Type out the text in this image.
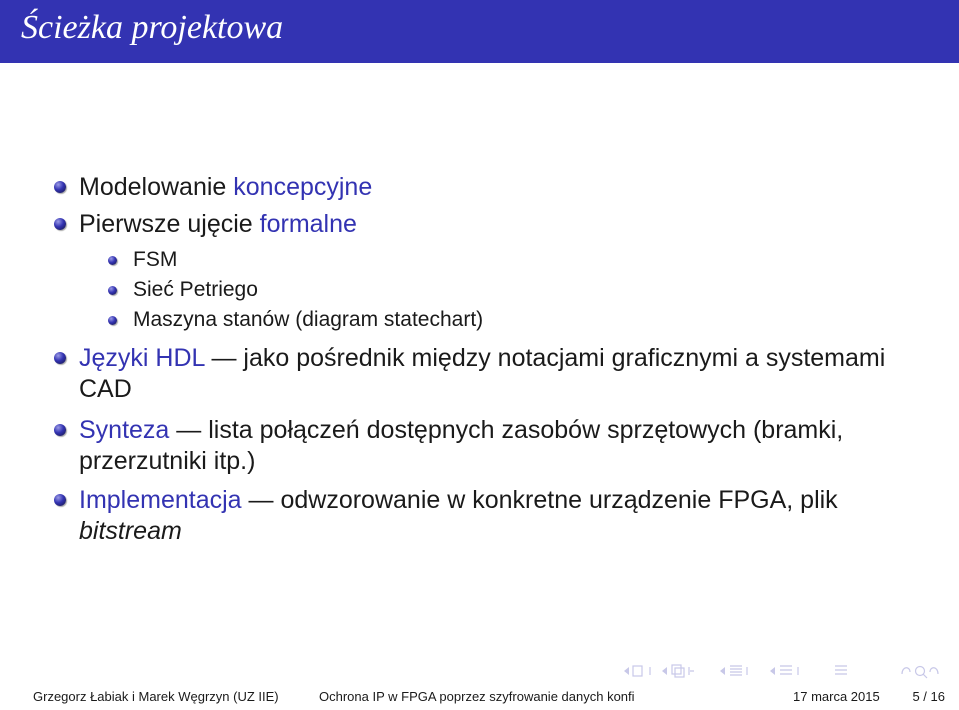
Ścieżka projektowa
Modelowanie koncepcyjne
Pierwsze ujęcie formalne
FSM
Sieć Petriego
Maszyna stanów (diagram statechart)
Języki HDL — jako pośrednik między notacjami graficznymi a systemami
CAD
Synteza — lista połączeń dostępnych zasobów sprzętowych (bramki,
przerzutniki itp.)
Implementacja — odwzorowanie w konkretne urządzenie FPGA, plik
bitstream
Grzegorz Łabiak i Marek Węgrzyn (UZ IIE)	Ochrona IP w FPGA poprzez szyfrowanie danych konfi	17 marca 2015	5 / 16
